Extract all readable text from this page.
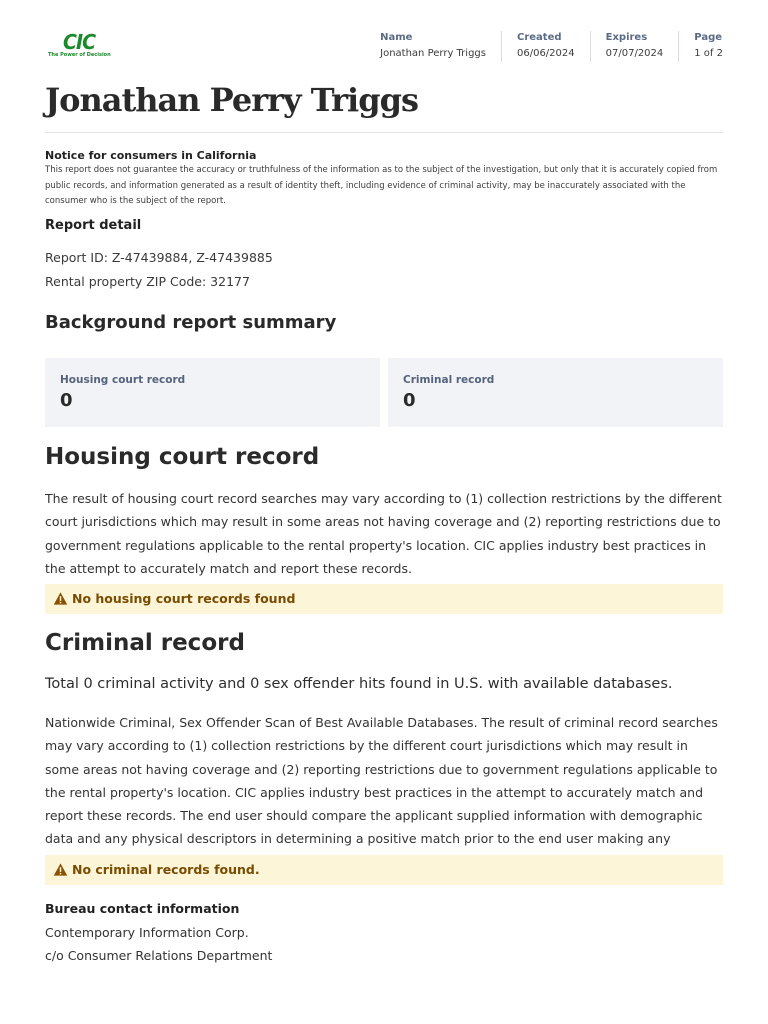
CIC
The Power of Decision
Name
Jonathan Perry Triggs
Created
06/06/2024
Expires
07/07/2024
Page
1 of 2
Jonathan Perry Triggs
Notice for consumers in California
This report does not guarantee the accuracy or truthfulness of the information as to the subject of the investigation, but only that it is accurately copied from public records, and information generated as a result of identity theft, including evidence of criminal activity, may be inaccurately associated with the consumer who is the subject of the report.
Report detail
Report ID: Z-47439884, Z-47439885
Rental property ZIP Code: 32177
Background report summary
Housing court record
0
Criminal record
0
Housing court record
The result of housing court record searches may vary according to (1) collection restrictions by the different court jurisdictions which may result in some areas not having coverage and (2) reporting restrictions due to government regulations applicable to the rental property's location. CIC applies industry best practices in the attempt to accurately match and report these records.
No housing court records found
Criminal record
Total 0 criminal activity and 0 sex offender hits found in U.S. with available databases.
Nationwide Criminal, Sex Offender Scan of Best Available Databases. The result of criminal record searches may vary according to (1) collection restrictions by the different court jurisdictions which may result in some areas not having coverage and (2) reporting restrictions due to government regulations applicable to the rental property's location. CIC applies industry best practices in the attempt to accurately match and report these records. The end user should compare the applicant supplied information with demographic data and any physical descriptors in determining a positive match prior to the end user making any
No criminal records found.
Bureau contact information
Contemporary Information Corp.
c/o Consumer Relations Department
